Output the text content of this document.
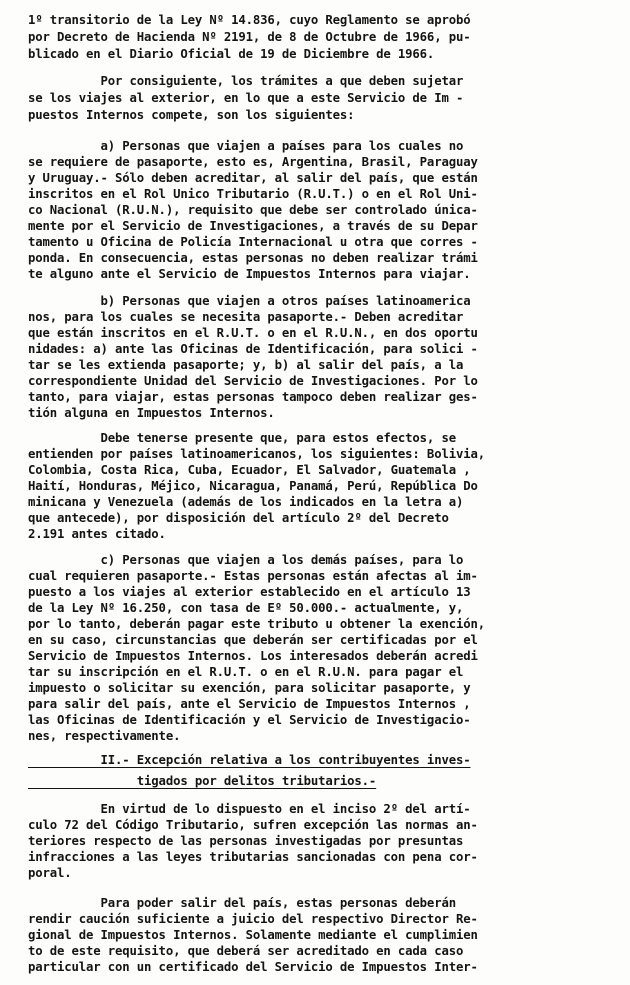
1º transitorio de la Ley Nº 14.836, cuyo Reglamento se aprobó
por Decreto de Hacienda Nº 2191, de 8 de Octubre de 1966, pu-
blicado en el Diario Oficial de 19 de Diciembre de 1966.
Por consiguiente, los trámites a que deben sujetar
se los viajes al exterior, en lo que a este Servicio de Im -
puestos Internos compete, son los siguientes:
a) Personas que viajen a países para los cuales no
se requiere de pasaporte, esto es, Argentina, Brasil, Paraguay
y Uruguay.- Sólo deben acreditar, al salir del país, que están
inscritos en el Rol Unico Tributario (R.U.T.) o en el Rol Uni-
co Nacional (R.U.N.), requisito que debe ser controlado única-
mente por el Servicio de Investigaciones, a través de su Depar
tamento u Oficina de Policía Internacional u otra que corres -
ponda. En consecuencia, estas personas no deben realizar trámi
te alguno ante el Servicio de Impuestos Internos para viajar.
b) Personas que viajen a otros países latinoamerica
nos, para los cuales se necesita pasaporte.- Deben acreditar
que están inscritos en el R.U.T. o en el R.U.N., en dos oportu
nidades: a) ante las Oficinas de Identificación, para solici -
tar se les extienda pasaporte; y, b) al salir del país, a la
correspondiente Unidad del Servicio de Investigaciones. Por lo
tanto, para viajar, estas personas tampoco deben realizar ges-
tión alguna en Impuestos Internos.
Debe tenerse presente que, para estos efectos, se
entienden por países latinoamericanos, los siguientes: Bolivia,
Colombia, Costa Rica, Cuba, Ecuador, El Salvador, Guatemala ,
Haití, Honduras, Méjico, Nicaragua, Panamá, Perú, República Do
minicana y Venezuela (además de los indicados en la letra a)
que antecede), por disposición del artículo 2º del Decreto
2.191 antes citado.
c) Personas que viajen a los demás países, para lo
cual requieren pasaporte.- Estas personas están afectas al im-
puesto a los viajes al exterior establecido en el artículo 13
de la Ley Nº 16.250, con tasa de Eº 50.000.- actualmente, y,
por lo tanto, deberán pagar este tributo u obtener la exención,
en su caso, circunstancias que deberán ser certificadas por el
Servicio de Impuestos Internos. Los interesados deberán acredi
tar su inscripción en el R.U.T. o en el R.U.N. para pagar el
impuesto o solicitar su exención, para solicitar pasaporte, y
para salir del país, ante el Servicio de Impuestos Internos ,
las Oficinas de Identificación y el Servicio de Investigacio-
nes, respectivamente.
II.- Excepción relativa a los contribuyentes inves-
tigados por delitos tributarios.-
En virtud de lo dispuesto en el inciso 2º del artí-
culo 72 del Código Tributario, sufren excepción las normas an-
teriores respecto de las personas investigadas por presuntas
infracciones a las leyes tributarias sancionadas con pena cor-
poral.
Para poder salir del país, estas personas deberán
rendir caución suficiente a juicio del respectivo Director Re-
gional de Impuestos Internos. Solamente mediante el cumplimien
to de este requisito, que deberá ser acreditado en cada caso
particular con un certificado del Servicio de Impuestos Inter-
